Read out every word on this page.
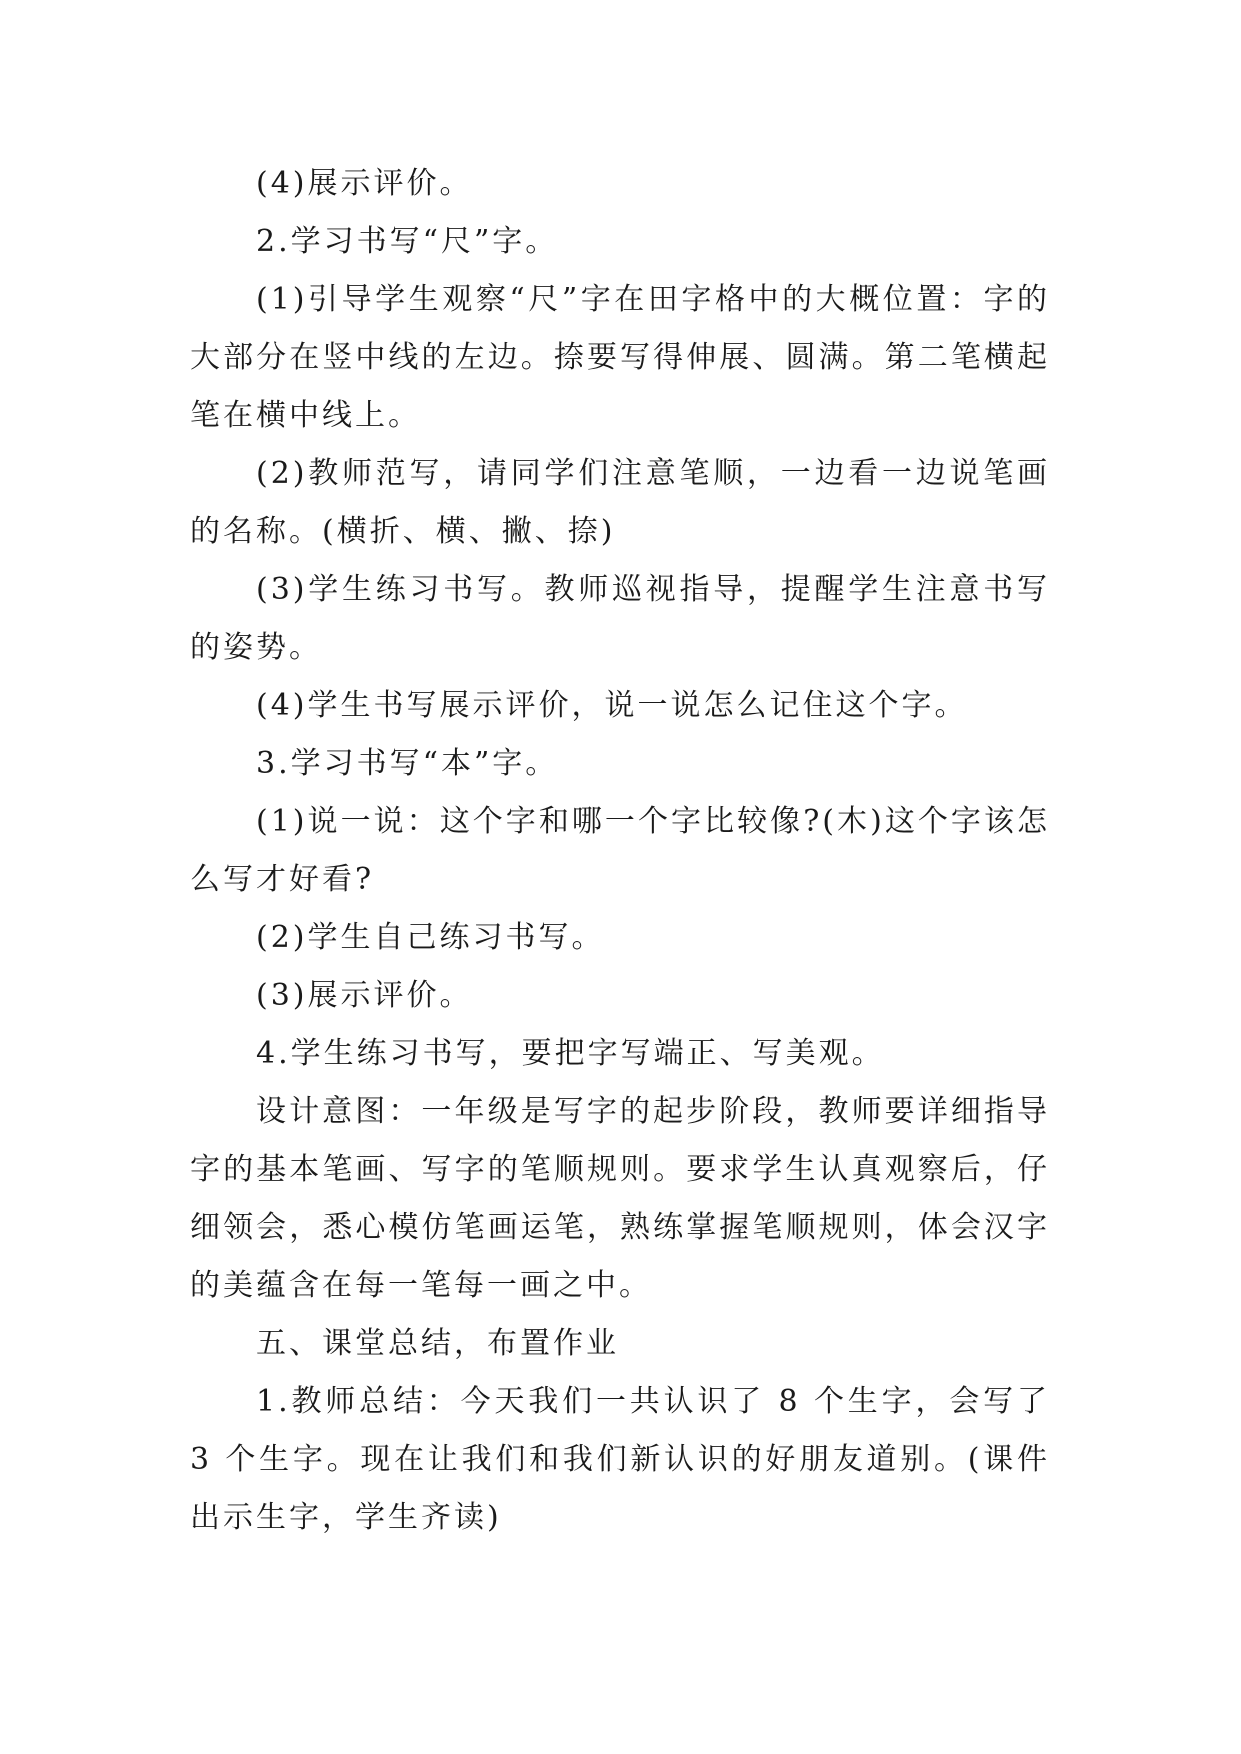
(4)展示评价。

2.学习书写“尺”字。

(1)引导学生观察“尺”字在田字格中的大概位置：字的大部分在竖中线的左边。捺要写得伸展、圆满。第二笔横起笔在横中线上。

(2)教师范写，请同学们注意笔顺，一边看一边说笔画的名称。(横折、横、撇、捺)

(3)学生练习书写。教师巡视指导，提醒学生注意书写的姿势。

(4)学生书写展示评价，说一说怎么记住这个字。

3.学习书写“本”字。

(1)说一说：这个字和哪一个字比较像?(木)这个字该怎么写才好看?

(2)学生自己练习书写。

(3)展示评价。

4.学生练习书写，要把字写端正、写美观。

设计意图：一年级是写字的起步阶段，教师要详细指导字的基本笔画、写字的笔顺规则。要求学生认真观察后，仔细领会，悉心模仿笔画运笔，熟练掌握笔顺规则，体会汉字的美蕴含在每一笔每一画之中。

五、课堂总结，布置作业

1.教师总结：今天我们一共认识了 8 个生字，会写了 3 个生字。现在让我们和我们新认识的好朋友道别。(课件出示生字，学生齐读)
